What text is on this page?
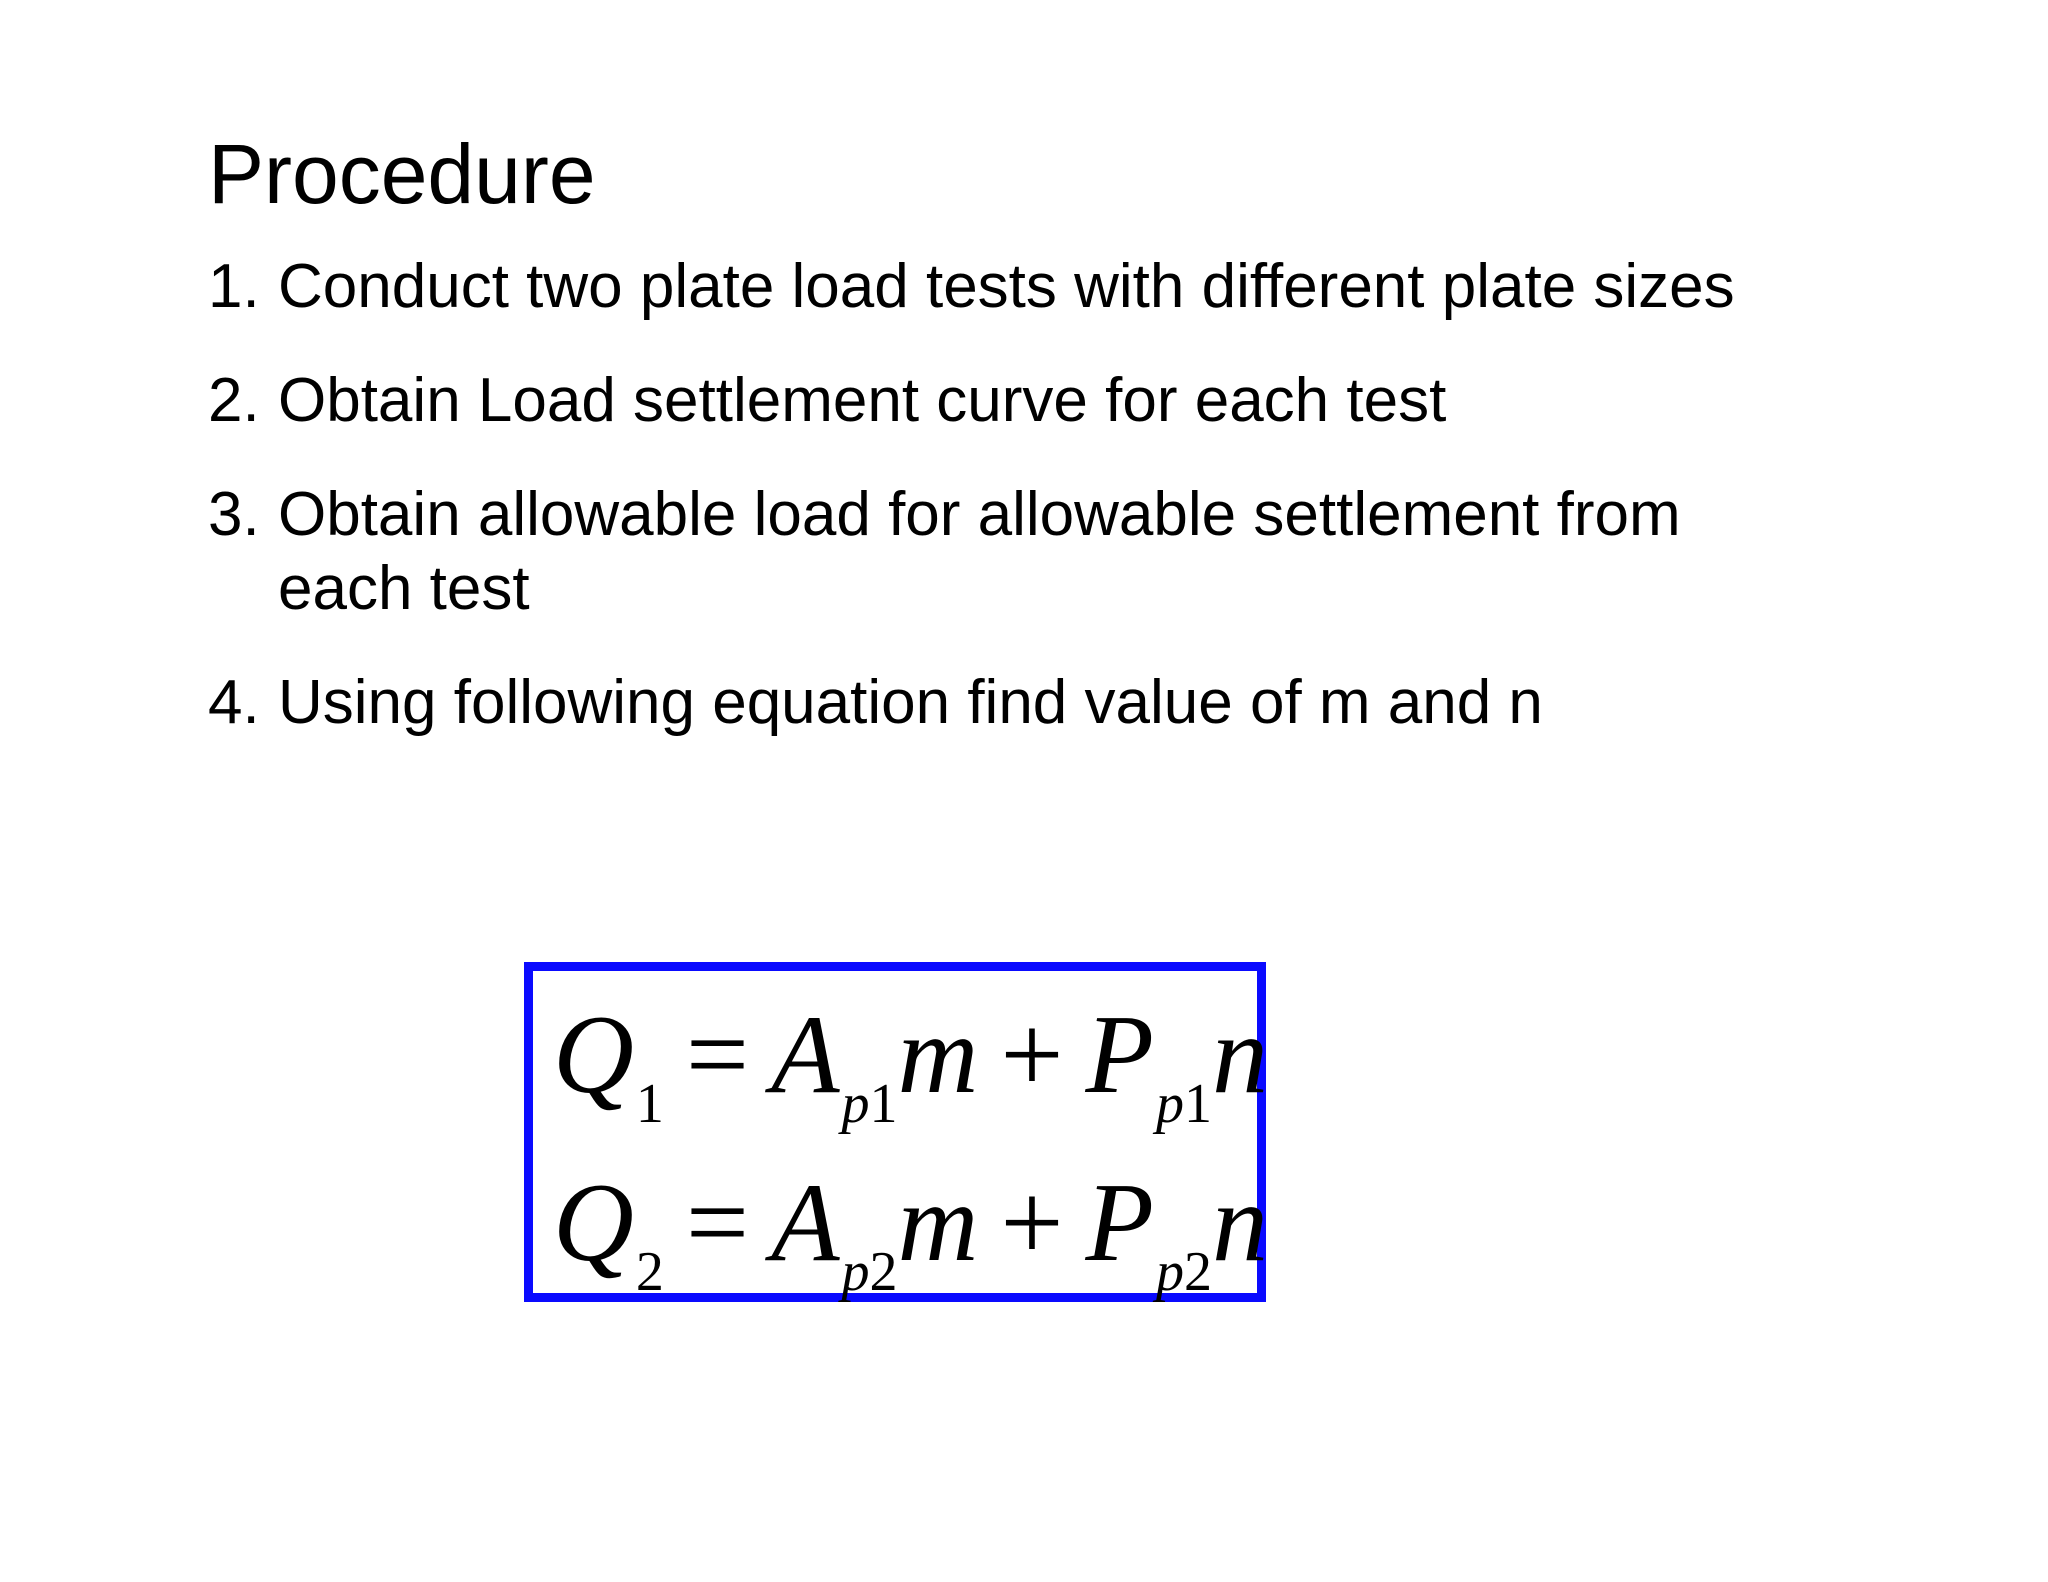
Procedure
1. Conduct two plate load tests with different plate sizes
2. Obtain Load settlement curve for each test
3. Obtain allowable load for allowable settlement from
each test
4. Using following equation find value of m and n
$Q_1 = A_{p1}m + P_{p1}n$
$Q_2 = A_{p2}m + P_{p2}n$
